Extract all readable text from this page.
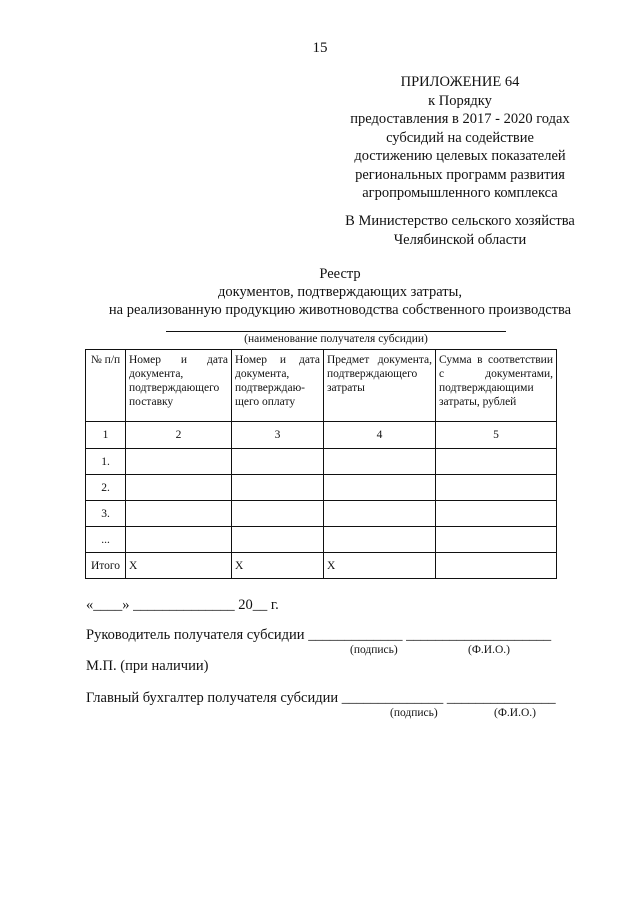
15
ПРИЛОЖЕНИЕ 64
к Порядку
предоставления в 2017 - 2020 годах
субсидий на содействие
достижению целевых показателей
региональных программ развития
агропромышленного комплекса
В Министерство сельского хозяйства
Челябинской области
Реестр
документов, подтверждающих затраты,
на реализованную продукцию животноводства собственного производства
(наименование получателя субсидии)
№ п/п	Номер и дата документа, подтверждающего поставку	Номер и дата документа, подтверждаю-щего оплату	Предмет документа, подтверждающего затраты	Сумма в соответствии с документами, подтверждающими затраты, рублей
1	2	3	4	5
1.				
2.				
3.				
...				
Итого	Х	Х	Х	
«____» ______________ 20__ г.
Руководитель получателя субсидии _____________ ____________________
(подпись)	(Ф.И.О.)
М.П. (при наличии)
Главный бухгалтер получателя субсидии ______________ _______________
(подпись)	(Ф.И.О.)
